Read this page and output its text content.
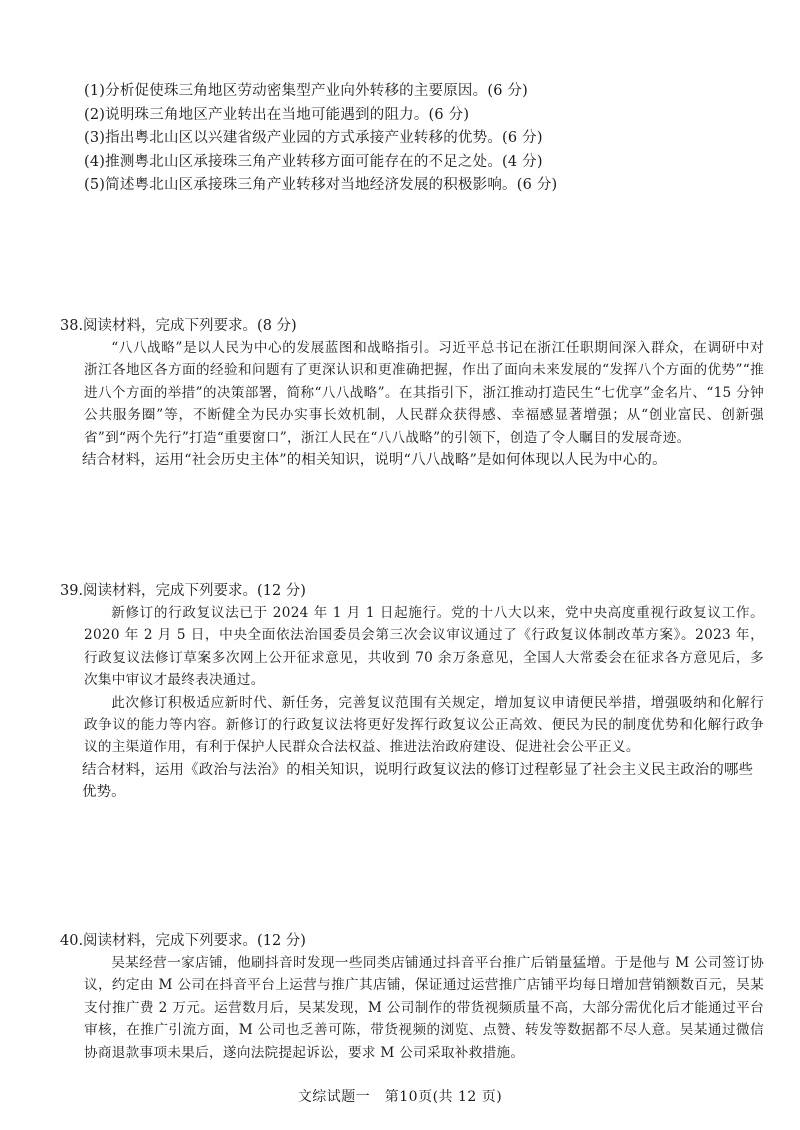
(1)分析促使珠三角地区劳动密集型产业向外转移的主要原因。(6 分)
(2)说明珠三角地区产业转出在当地可能遇到的阻力。(6 分)
(3)指出粤北山区以兴建省级产业园的方式承接产业转移的优势。(6 分)
(4)推测粤北山区承接珠三角产业转移方面可能存在的不足之处。(4 分)
(5)简述粤北山区承接珠三角产业转移对当地经济发展的积极影响。(6 分)
38.阅读材料，完成下列要求。(8 分)

“八八战略”是以人民为中心的发展蓝图和战略指引。习近平总书记在浙江任职期间深入群众，在调研中对浙江各地区各方面的经验和问题有了更深认识和更准确把握，作出了面向未来发展的“发挥八个方面的优势”“推进八个方面的举措”的决策部署，简称“八八战略”。在其指引下，浙江推动打造民生“七优享”金名片、“15 分钟公共服务圈”等，不断健全为民办实事长效机制，人民群众获得感、幸福感显著增强；从“创业富民、创新强省”到“两个先行”打造“重要窗口”，浙江人民在“八八战略”的引领下，创造了令人瞩目的发展奇迹。

结合材料，运用“社会历史主体”的相关知识，说明“八八战略”是如何体现以人民为中心的。

39.阅读材料，完成下列要求。(12 分)

新修订的行政复议法已于 2024 年 1 月 1 日起施行。党的十八大以来，党中央高度重视行政复议工作。2020 年 2 月 5 日，中央全面依法治国委员会第三次会议审议通过了《行政复议体制改革方案》。2023 年，行政复议法修订草案多次网上公开征求意见，共收到 70 余万条意见，全国人大常委会在征求各方意见后，多次集中审议才最终表决通过。

此次修订积极适应新时代、新任务，完善复议范围有关规定，增加复议申请便民举措，增强吸纳和化解行政争议的能力等内容。新修订的行政复议法将更好发挥行政复议公正高效、便民为民的制度优势和化解行政争议的主渠道作用，有利于保护人民群众合法权益、推进法治政府建设、促进社会公平正义。

结合材料，运用《政治与法治》的相关知识，说明行政复议法的修订过程彰显了社会主义民主政治的哪些优势。

40.阅读材料，完成下列要求。(12 分)

吴某经营一家店铺，他刷抖音时发现一些同类店铺通过抖音平台推广后销量猛增。于是他与 M 公司签订协议，约定由 M 公司在抖音平台上运营与推广其店铺，保证通过运营推广店铺平均每日增加营销额数百元，吴某支付推广费 2 万元。运营数月后，吴某发现，M 公司制作的带货视频质量不高，大部分需优化后才能通过平台审核，在推广引流方面，M 公司也乏善可陈，带货视频的浏览、点赞、转发等数据都不尽人意。吴某通过微信协商退款事项未果后，遂向法院提起诉讼，要求 M 公司采取补救措施。

文综试题一　第10页(共 12 页)
